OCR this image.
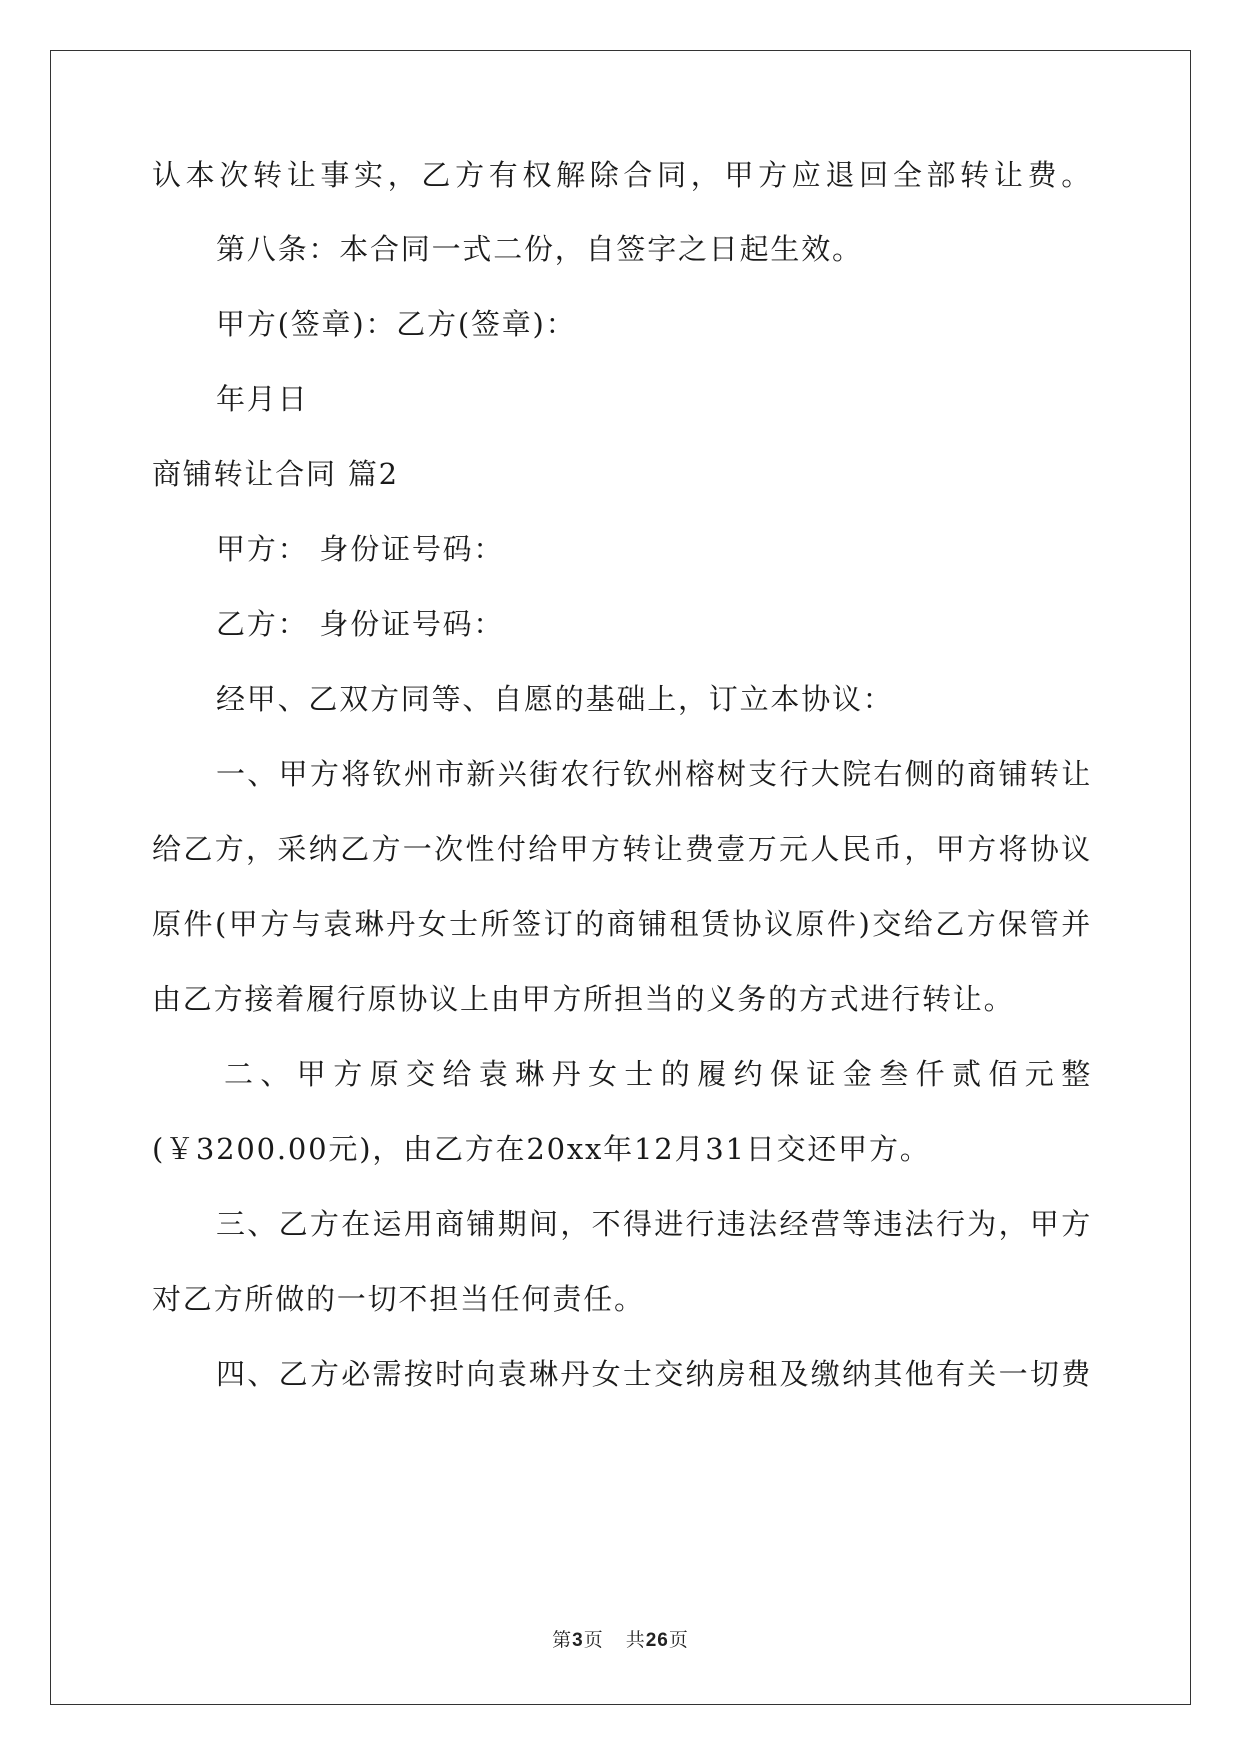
认本次转让事实，乙方有权解除合同，甲方应退回全部转让费。
第八条：本合同一式二份，自签字之日起生效。
甲方(签章)：乙方(签章)：
年月日
商铺转让合同 篇2
甲方： 身份证号码：
乙方： 身份证号码：
经甲、乙双方同等、自愿的基础上，订立本协议：
一、甲方将钦州市新兴街农行钦州榕树支行大院右侧的商铺转让
给乙方，采纳乙方一次性付给甲方转让费壹万元人民币，甲方将协议
原件(甲方与袁琳丹女士所签订的商铺租赁协议原件)交给乙方保管并
由乙方接着履行原协议上由甲方所担当的义务的方式进行转让。
二、甲方原交给袁琳丹女士的履约保证金叁仟贰佰元整
(￥3200.00元)，由乙方在20xx年12月31日交还甲方。
三、乙方在运用商铺期间，不得进行违法经营等违法行为，甲方
对乙方所做的一切不担当任何责任。
四、乙方必需按时向袁琳丹女士交纳房租及缴纳其他有关一切费
第3页 共26页
